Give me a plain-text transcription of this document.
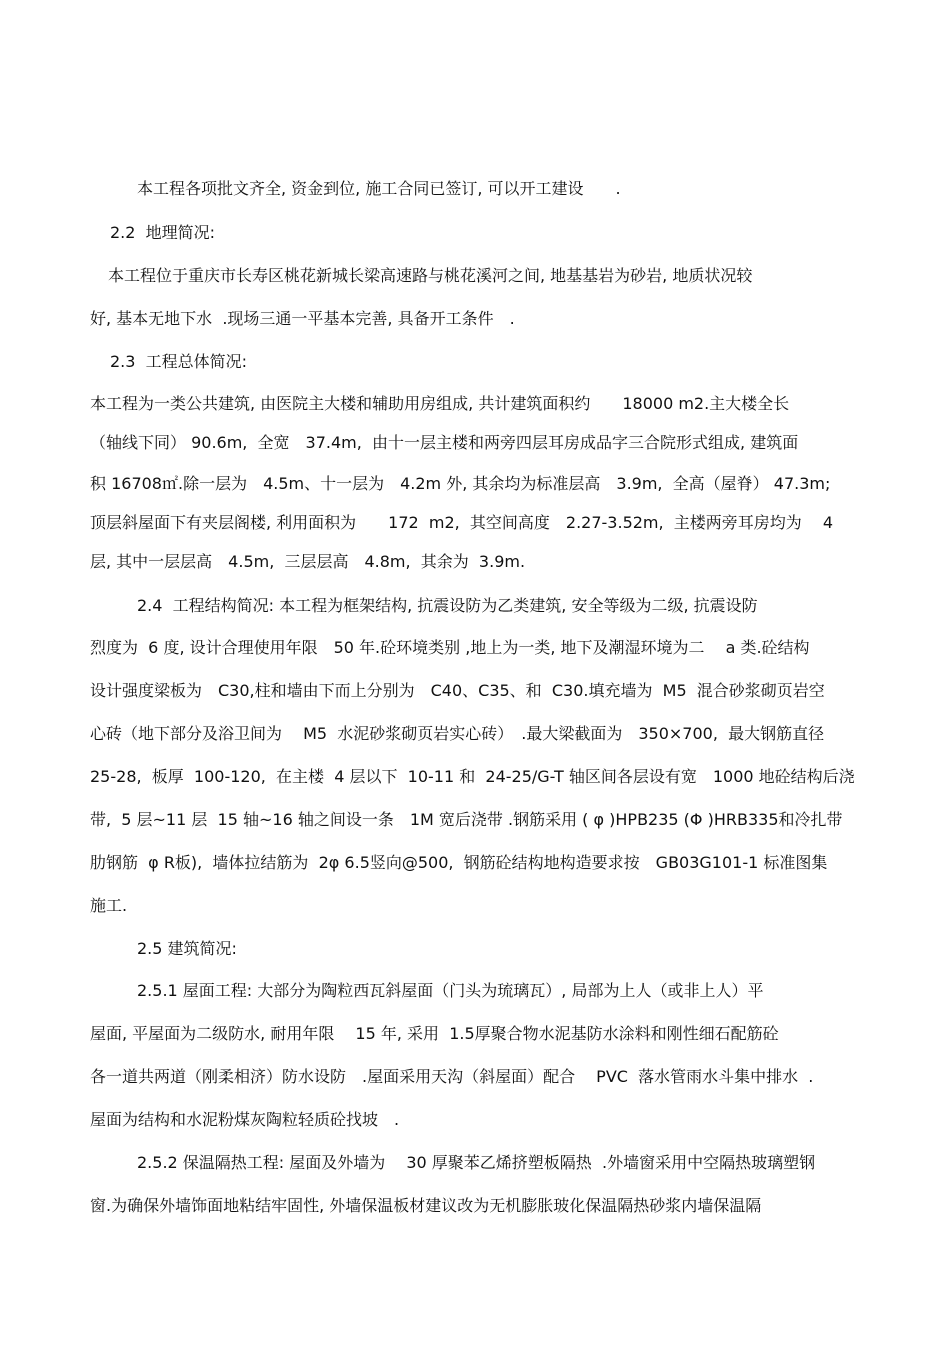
本工程各项批文齐全, 资金到位, 施工合同已签订, 可以开工建设　　.
2.2  地理简况:
本工程位于重庆市长寿区桃花新城长梁高速路与桃花溪河之间, 地基基岩为砂岩, 地质状况较
好, 基本无地下水  .现场三通一平基本完善, 具备开工条件　.
2.3  工程总体简况:
本工程为一类公共建筑, 由医院主大楼和辅助用房组成, 共计建筑面积约　　18000 m2.主大楼全长
（轴线下同） 90.6m,  全宽　37.4m,  由十一层主楼和两旁四层耳房成品字三合院形式组成, 建筑面
积 16708㎡.除一层为　4.5m、十一层为　4.2m 外, 其余均为标准层高　3.9m,  全高（屋脊） 47.3m;
顶层斜屋面下有夹层阁楼, 利用面积为　　172  m2,  其空间高度　2.27-3.52m,  主楼两旁耳房均为　 4
层, 其中一层层高　4.5m,  三层层高　4.8m,  其余为  3.9m.
2.4  工程结构简况: 本工程为框架结构, 抗震设防为乙类建筑, 安全等级为二级, 抗震设防
烈度为  6 度, 设计合理使用年限　50 年.砼环境类别 ,地上为一类, 地下及潮湿环境为二　 a 类.砼结构
设计强度梁板为　C30,柱和墙由下而上分别为　C40、C35、和  C30.填充墙为  M5  混合砂浆砌页岩空
心砖（地下部分及浴卫间为　 M5  水泥砂浆砌页岩实心砖）　.最大梁截面为　350×700,  最大钢筋直径
25-28,  板厚  100-120,  在主楼  4 层以下  10-11 和  24-25/G-T 轴区间各层设有宽　1000 地砼结构后浇
带,  5 层~11 层  15 轴~16 轴之间设一条　1M 宽后浇带 .钢筋采用 ( φ )HPB235 (Φ )HRB335和冷扎带
肋钢筋  φ R板),  墙体拉结筋为  2φ 6.5竖向@500,  钢筋砼结构地构造要求按　GB03G101-1 标准图集
施工.
2.5 建筑简况:
2.5.1 屋面工程: 大部分为陶粒西瓦斜屋面（门头为琉璃瓦）, 局部为上人（或非上人）平
屋面, 平屋面为二级防水, 耐用年限　 15 年, 采用  1.5厚聚合物水泥基防水涂料和刚性细石配筋砼
各一道共两道（刚柔相济）防水设防　.屋面采用天沟（斜屋面）配合　 PVC  落水管雨水斗集中排水  .
屋面为结构和水泥粉煤灰陶粒轻质砼找坡　.
2.5.2 保温隔热工程: 屋面及外墙为　 30 厚聚苯乙烯挤塑板隔热  .外墙窗采用中空隔热玻璃塑钢
窗.为确保外墙饰面地粘结牢固性, 外墙保温板材建议改为无机膨胀玻化保温隔热砂浆内墙保温隔
